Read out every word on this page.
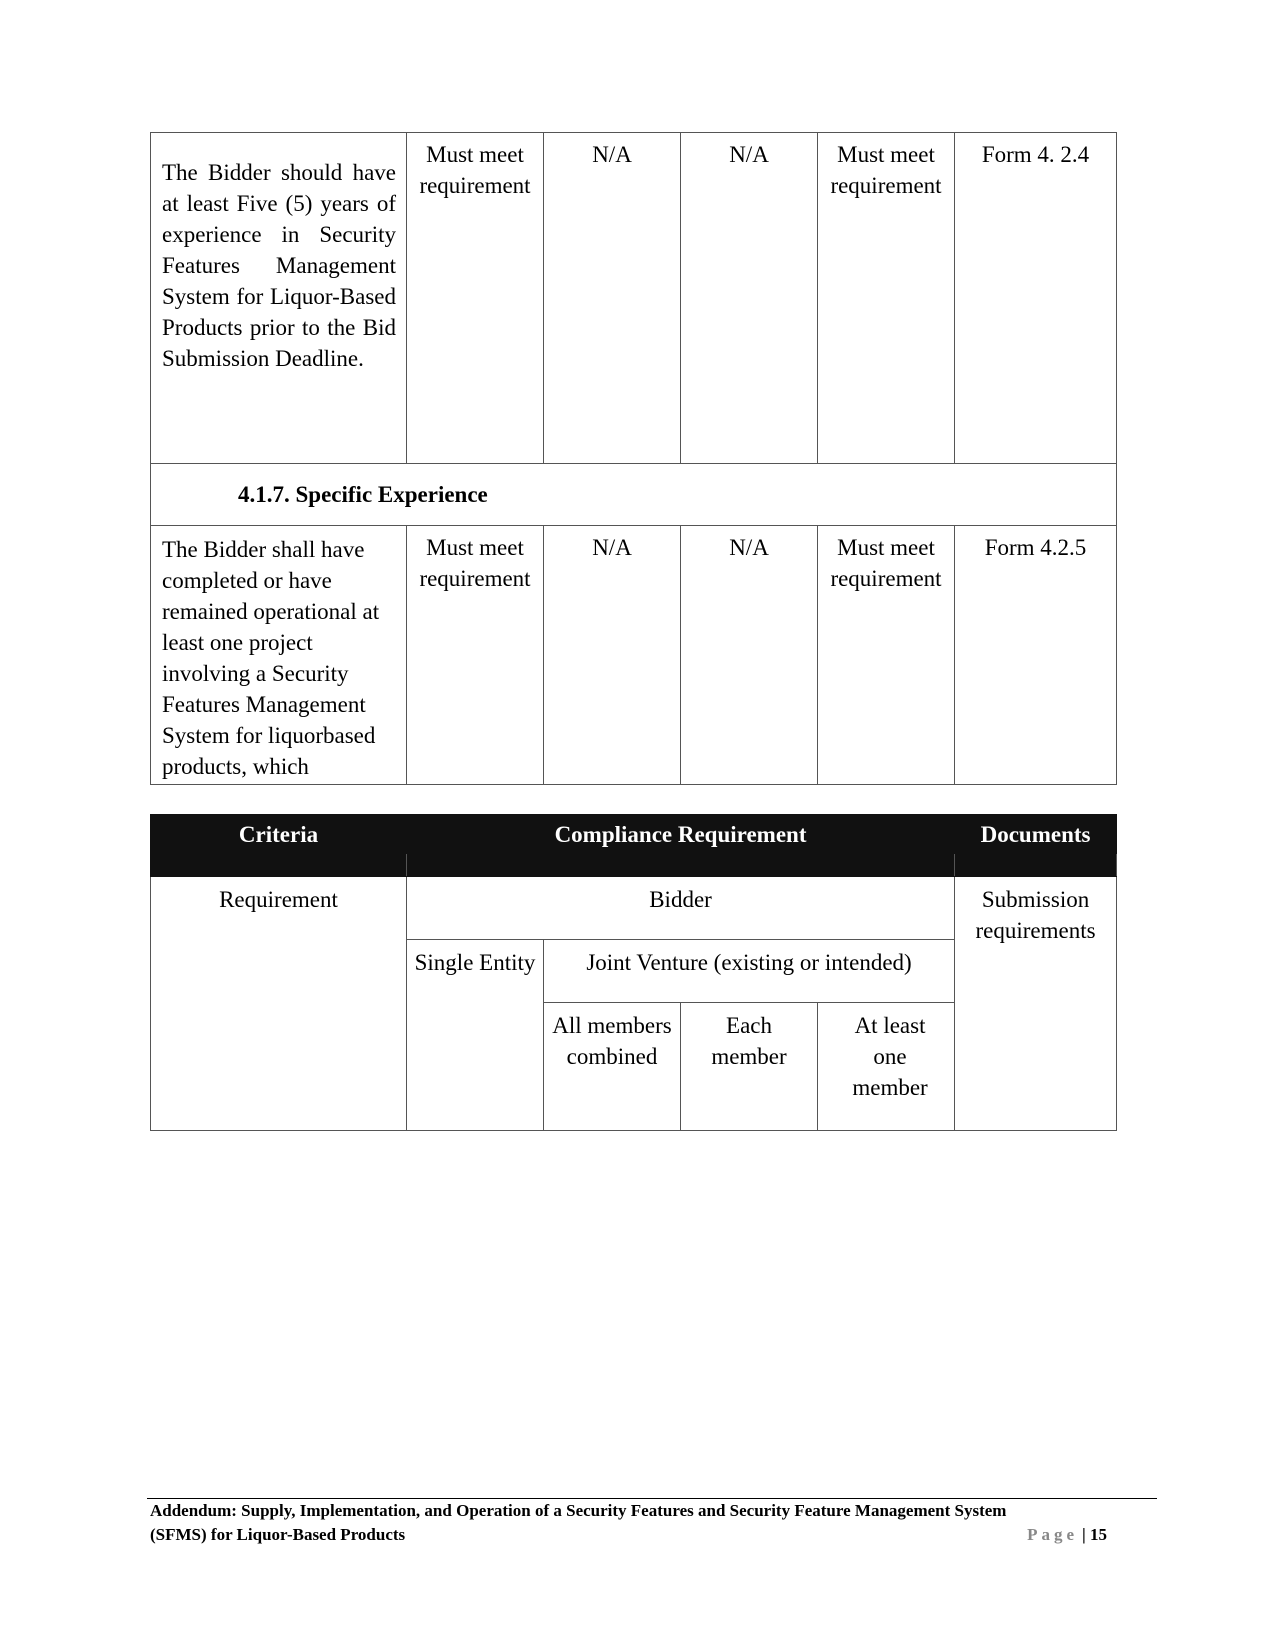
The Bidder should have at least Five (5) years of experience in Security Features Management System for Liquor-Based Products prior to the Bid Submission Deadline.	Must meet requirement	N/A	N/A	Must meet requirement	Form 4. 2.4
4.1.7. Specific Experience					
The Bidder shall have completed or have remained operational at least one project involving a Security Features Management System for liquorbased products, which	Must meet requirement	N/A	N/A	Must meet requirement	Form 4.2.5
Criteria	Compliance Requirement				Documents

Requirement	Bidder				Submission requirements
	Single Entity	Joint Venture (existing or intended)			
		All members combined	Each member	At least one member	
Addendum: Supply, Implementation, and Operation of a Security Features and Security Feature Management System
(SFMS) for Liquor-Based Products	Page | 15
